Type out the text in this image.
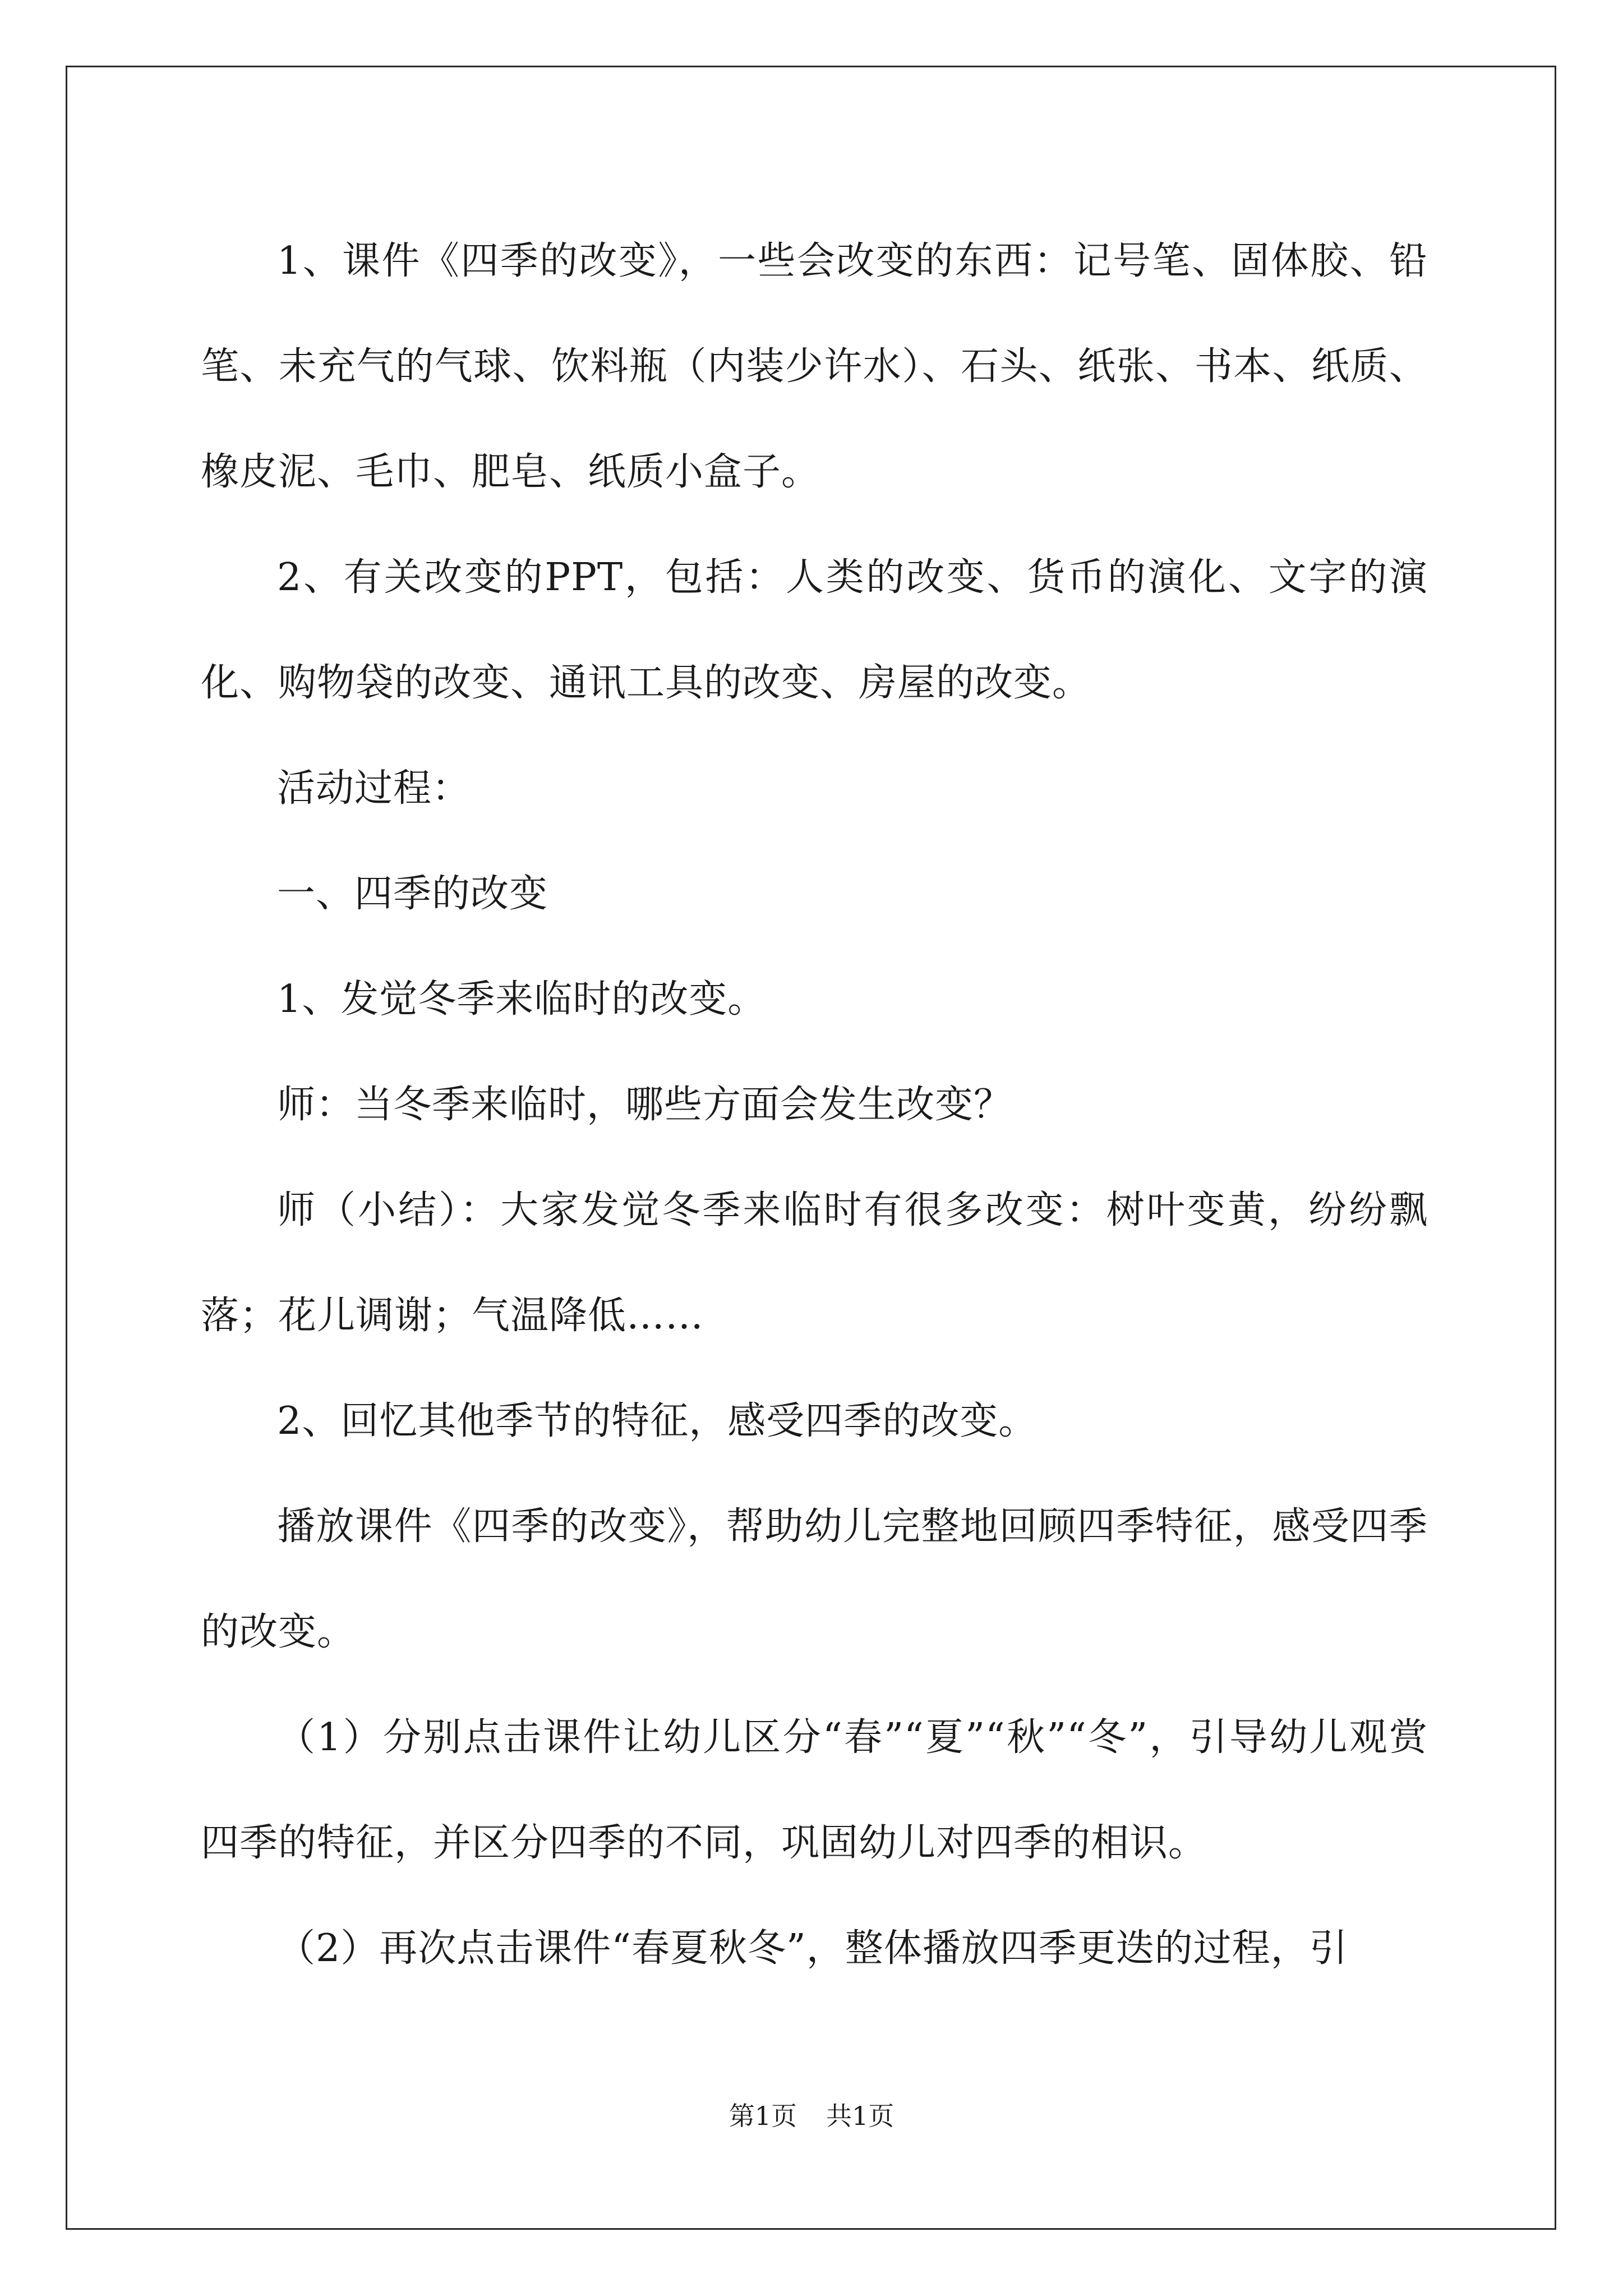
1、课件《四季的改变》，一些会改变的东西：记号笔、固体胶、铅笔、未充气的气球、饮料瓶（内装少许水）、石头、纸张、书本、纸质、橡皮泥、毛巾、肥皂、纸质小盒子。

2、有关改变的PPT，包括：人类的改变、货币的演化、文字的演化、购物袋的改变、通讯工具的改变、房屋的改变。

活动过程：

一、四季的改变

1、发觉冬季来临时的改变。

师：当冬季来临时，哪些方面会发生改变？

师（小结）：大家发觉冬季来临时有很多改变：树叶变黄，纷纷飘落；花儿调谢；气温降低……

2、回忆其他季节的特征，感受四季的改变。

播放课件《四季的改变》，帮助幼儿完整地回顾四季特征，感受四季的改变。

（1）分别点击课件让幼儿区分“春”“夏”“秋”“冬”，引导幼儿观赏四季的特征，并区分四季的不同，巩固幼儿对四季的相识。

（2）再次点击课件“春夏秋冬”，整体播放四季更迭的过程，引

第1页 共1页
